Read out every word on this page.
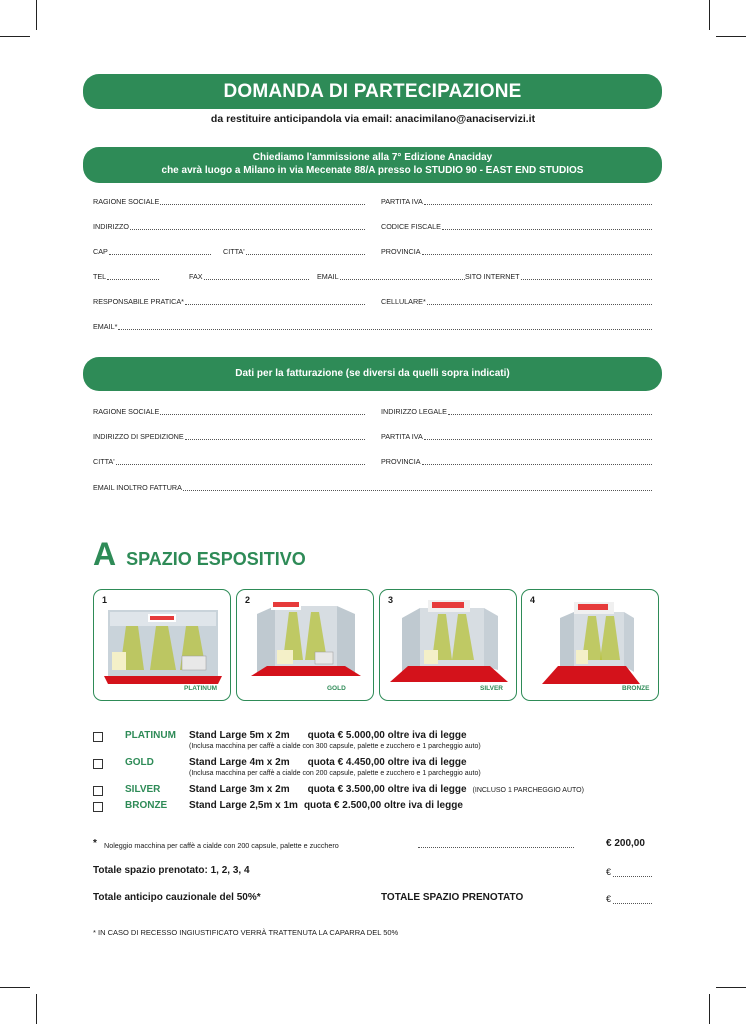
DOMANDA DI PARTECIPAZIONE
da restituire anticipandola via email: anacimilano@anaciservizi.it
Chiediamo l'ammissione alla 7° Edizione Anaciday
che avrà luogo a Milano in via Mecenate 88/A presso lo STUDIO 90 - EAST END STUDIOS
RAGIONE SOCIALE	PARTITA IVA
INDIRIZZO	CODICE FISCALE
CAP	CITTA'	PROVINCIA
TEL	FAX	EMAIL	SITO INTERNET
RESPONSABILE PRATICA*	CELLULARE*
EMAIL*
Dati per la fatturazione (se diversi da quelli sopra indicati)
RAGIONE SOCIALE	INDIRIZZO LEGALE
INDIRIZZO DI SPEDIZIONE	PARTITA IVA
CITTA'	PROVINCIA
EMAIL INOLTRO FATTURA
A SPAZIO ESPOSITIVO
1
PLATINUM
2
GOLD
3
SILVER
4
BRONZE
PLATINUM Stand Large 5m x 2m quota € 5.000,00 oltre iva di legge
(Inclusa macchina per caffè a cialde con 300 capsule, palette e zucchero e 1 parcheggio auto)
GOLD	Stand Large 4m x 2m quota € 4.450,00 oltre iva di legge
(Inclusa macchina per caffè a cialde con 200 capsule, palette e zucchero e 1 parcheggio auto)
SILVER	Stand Large 3m x 2m quota € 3.500,00 oltre iva di legge (INCLUSO 1 PARCHEGGIO AUTO)
BRONZE Stand Large 2,5m x 1m quota € 2.500,00 oltre iva di legge
* Noleggio macchina per caffè a cialde con 200 capsule, palette e zucchero	€ 200,00
Totale spazio prenotato: 1, 2, 3, 4	€
Totale anticipo cauzionale del 50%*	TOTALE SPAZIO PRENOTATO	€
* IN CASO DI RECESSO INGIUSTIFICATO VERRÀ TRATTENUTA LA CAPARRA DEL 50%
